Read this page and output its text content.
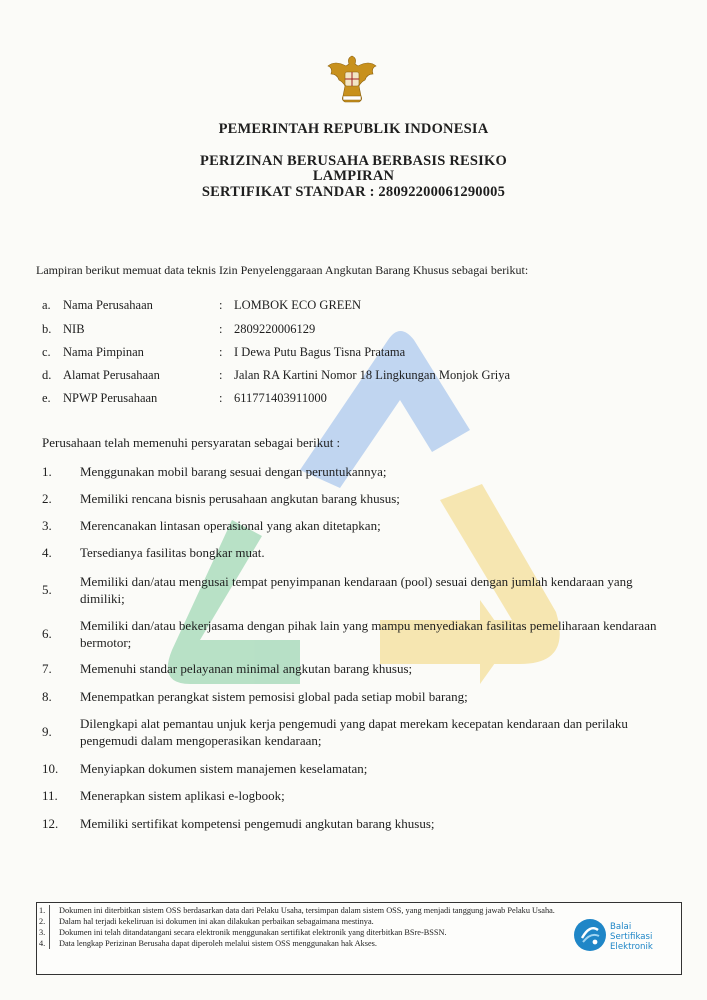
PEMERINTAH REPUBLIK INDONESIA
PERIZINAN BERUSAHA BERBASIS RESIKO
LAMPIRAN
SERTIFIKAT STANDAR : 28092200061290005
Lampiran berikut memuat data teknis Izin Penyelenggaraan Angkutan Barang Khusus sebagai berikut:
a. Nama Perusahaan	: LOMBOK ECO GREEN
b. NIB	: 2809220006129
c. Nama Pimpinan	: I Dewa Putu Bagus Tisna Pratama
d. Alamat Perusahaan	: Jalan RA Kartini Nomor 18 Lingkungan Monjok Griya
e. NPWP Perusahaan	: 611771403911000
Perusahaan telah memenuhi persyaratan sebagai berikut :
1.	Menggunakan mobil barang sesuai dengan peruntukannya;
2.	Memiliki rencana bisnis perusahaan angkutan barang khusus;
3.	Merencanakan lintasan operasional yang akan ditetapkan;
4.	Tersedianya fasilitas bongkar muat.
5.
Memiliki dan/atau mengusai tempat penyimpanan kendaraan (pool) sesuai dengan jumlah kendaraan yang dimiliki;
6.
Memiliki dan/atau bekerjasama dengan pihak lain yang mampu menyediakan fasilitas pemeliharaan kendaraan bermotor;
7.	Memenuhi standar pelayanan minimal angkutan barang khusus;
8.	Menempatkan perangkat sistem pemosisi global pada setiap mobil barang;
9.
Dilengkapi alat pemantau unjuk kerja pengemudi yang dapat merekam kecepatan kendaraan dan perilaku pengemudi dalam mengoperasikan kendaraan;
10.	Menyiapkan dokumen sistem manajemen keselamatan;
11.	Menerapkan sistem aplikasi e-logbook;
12.	Memiliki sertifikat kompetensi pengemudi angkutan barang khusus;
1.	Dokumen ini diterbitkan sistem OSS berdasarkan data dari Pelaku Usaha, tersimpan dalam sistem OSS, yang menjadi tanggung jawab Pelaku Usaha.
2.	Dalam hal terjadi kekeliruan isi dokumen ini akan dilakukan perbaikan sebagaimana mestinya.
3.	Dokumen ini telah ditandatangani secara elektronik menggunakan sertifikat elektronik yang diterbitkan BSre-BSSN.
4.	Data lengkap Perizinan Berusaha dapat diperoleh melalui sistem OSS menggunakan hak Akses.
Balai
Sertifikasi
Elektronik
